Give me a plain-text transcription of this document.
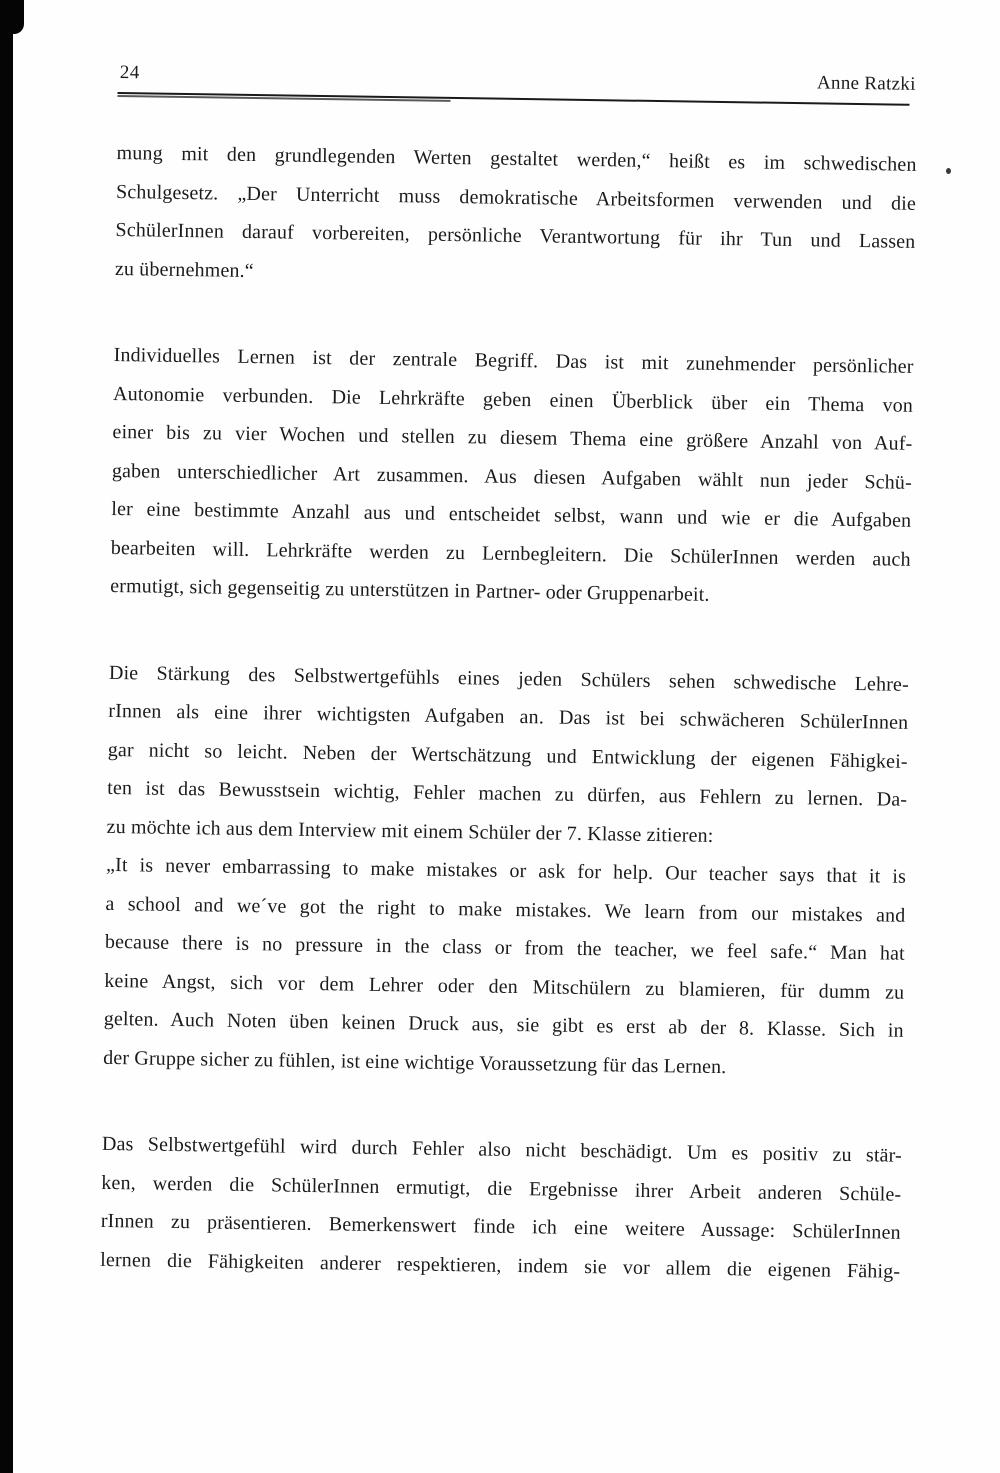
24	Anne Ratzki
mung mit den grundlegenden Werten gestaltet werden,“ heißt es im schwedischen
Schulgesetz. „Der Unterricht muss demokratische Arbeitsformen verwenden und die
SchülerInnen darauf vorbereiten, persönliche Verantwortung für ihr Tun und Lassen
zu übernehmen.“
Individuelles Lernen ist der zentrale Begriff. Das ist mit zunehmender persönlicher
Autonomie verbunden. Die Lehrkräfte geben einen Überblick über ein Thema von
einer bis zu vier Wochen und stellen zu diesem Thema eine größere Anzahl von Auf-
gaben unterschiedlicher Art zusammen. Aus diesen Aufgaben wählt nun jeder Schü-
ler eine bestimmte Anzahl aus und entscheidet selbst, wann und wie er die Aufgaben
bearbeiten will. Lehrkräfte werden zu Lernbegleitern. Die SchülerInnen werden auch
ermutigt, sich gegenseitig zu unterstützen in Partner- oder Gruppenarbeit.
Die Stärkung des Selbstwertgefühls eines jeden Schülers sehen schwedische Lehre-
rInnen als eine ihrer wichtigsten Aufgaben an. Das ist bei schwächeren SchülerInnen
gar nicht so leicht. Neben der Wertschätzung und Entwicklung der eigenen Fähigkei-
ten ist das Bewusstsein wichtig, Fehler machen zu dürfen, aus Fehlern zu lernen. Da-
zu möchte ich aus dem Interview mit einem Schüler der 7. Klasse zitieren:
„It is never embarrassing to make mistakes or ask for help. Our teacher says that it is
a school and we´ve got the right to make mistakes. We learn from our mistakes and
because there is no pressure in the class or from the teacher, we feel safe.“ Man hat
keine Angst, sich vor dem Lehrer oder den Mitschülern zu blamieren, für dumm zu
gelten. Auch Noten üben keinen Druck aus, sie gibt es erst ab der 8. Klasse. Sich in
der Gruppe sicher zu fühlen, ist eine wichtige Voraussetzung für das Lernen.
Das Selbstwertgefühl wird durch Fehler also nicht beschädigt. Um es positiv zu stär-
ken, werden die SchülerInnen ermutigt, die Ergebnisse ihrer Arbeit anderen Schüle-
rInnen zu präsentieren. Bemerkenswert finde ich eine weitere Aussage: SchülerInnen
lernen die Fähigkeiten anderer respektieren, indem sie vor allem die eigenen Fähig-
